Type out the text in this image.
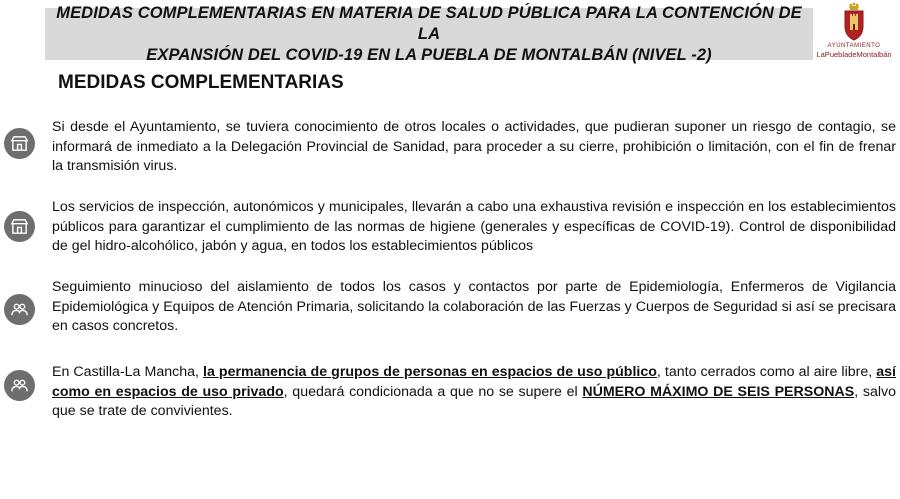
MEDIDAS COMPLEMENTARIAS EN MATERIA DE SALUD PÚBLICA PARA LA CONTENCIÓN DE LA
EXPANSIÓN DEL COVID-19 EN LA PUEBLA DE MONTALBÁN (NIVEL -2)	AYUNTAMIENTO
LaPuebladeMontalbán
MEDIDAS COMPLEMENTARIAS
Si desde el Ayuntamiento, se tuviera conocimiento de otros locales o actividades, que pudieran suponer un riesgo de contagio, se informará de inmediato a la Delegación Provincial de Sanidad, para proceder a su cierre, prohibición o limitación, con el fin de frenar la transmisión virus.
Los servicios de inspección, autonómicos y municipales, llevarán a cabo una exhaustiva revisión e inspección en los establecimientos públicos para garantizar el cumplimiento de las normas de higiene (generales y específicas de COVID-19). Control de disponibilidad de gel hidro-alcohólico, jabón y agua, en todos los establecimientos públicos
Seguimiento minucioso del aislamiento de todos los casos y contactos por parte de Epidemiología, Enfermeros de Vigilancia Epidemiológica y Equipos de Atención Primaria, solicitando la colaboración de las Fuerzas y Cuerpos de Seguridad si así se precisara en casos concretos.
En Castilla-La Mancha, la permanencia de grupos de personas en espacios de uso público, tanto cerrados como al aire libre, así como en espacios de uso privado, quedará condicionada a que no se supere el NÚMERO MÁXIMO DE SEIS PERSONAS, salvo que se trate de convivientes.
